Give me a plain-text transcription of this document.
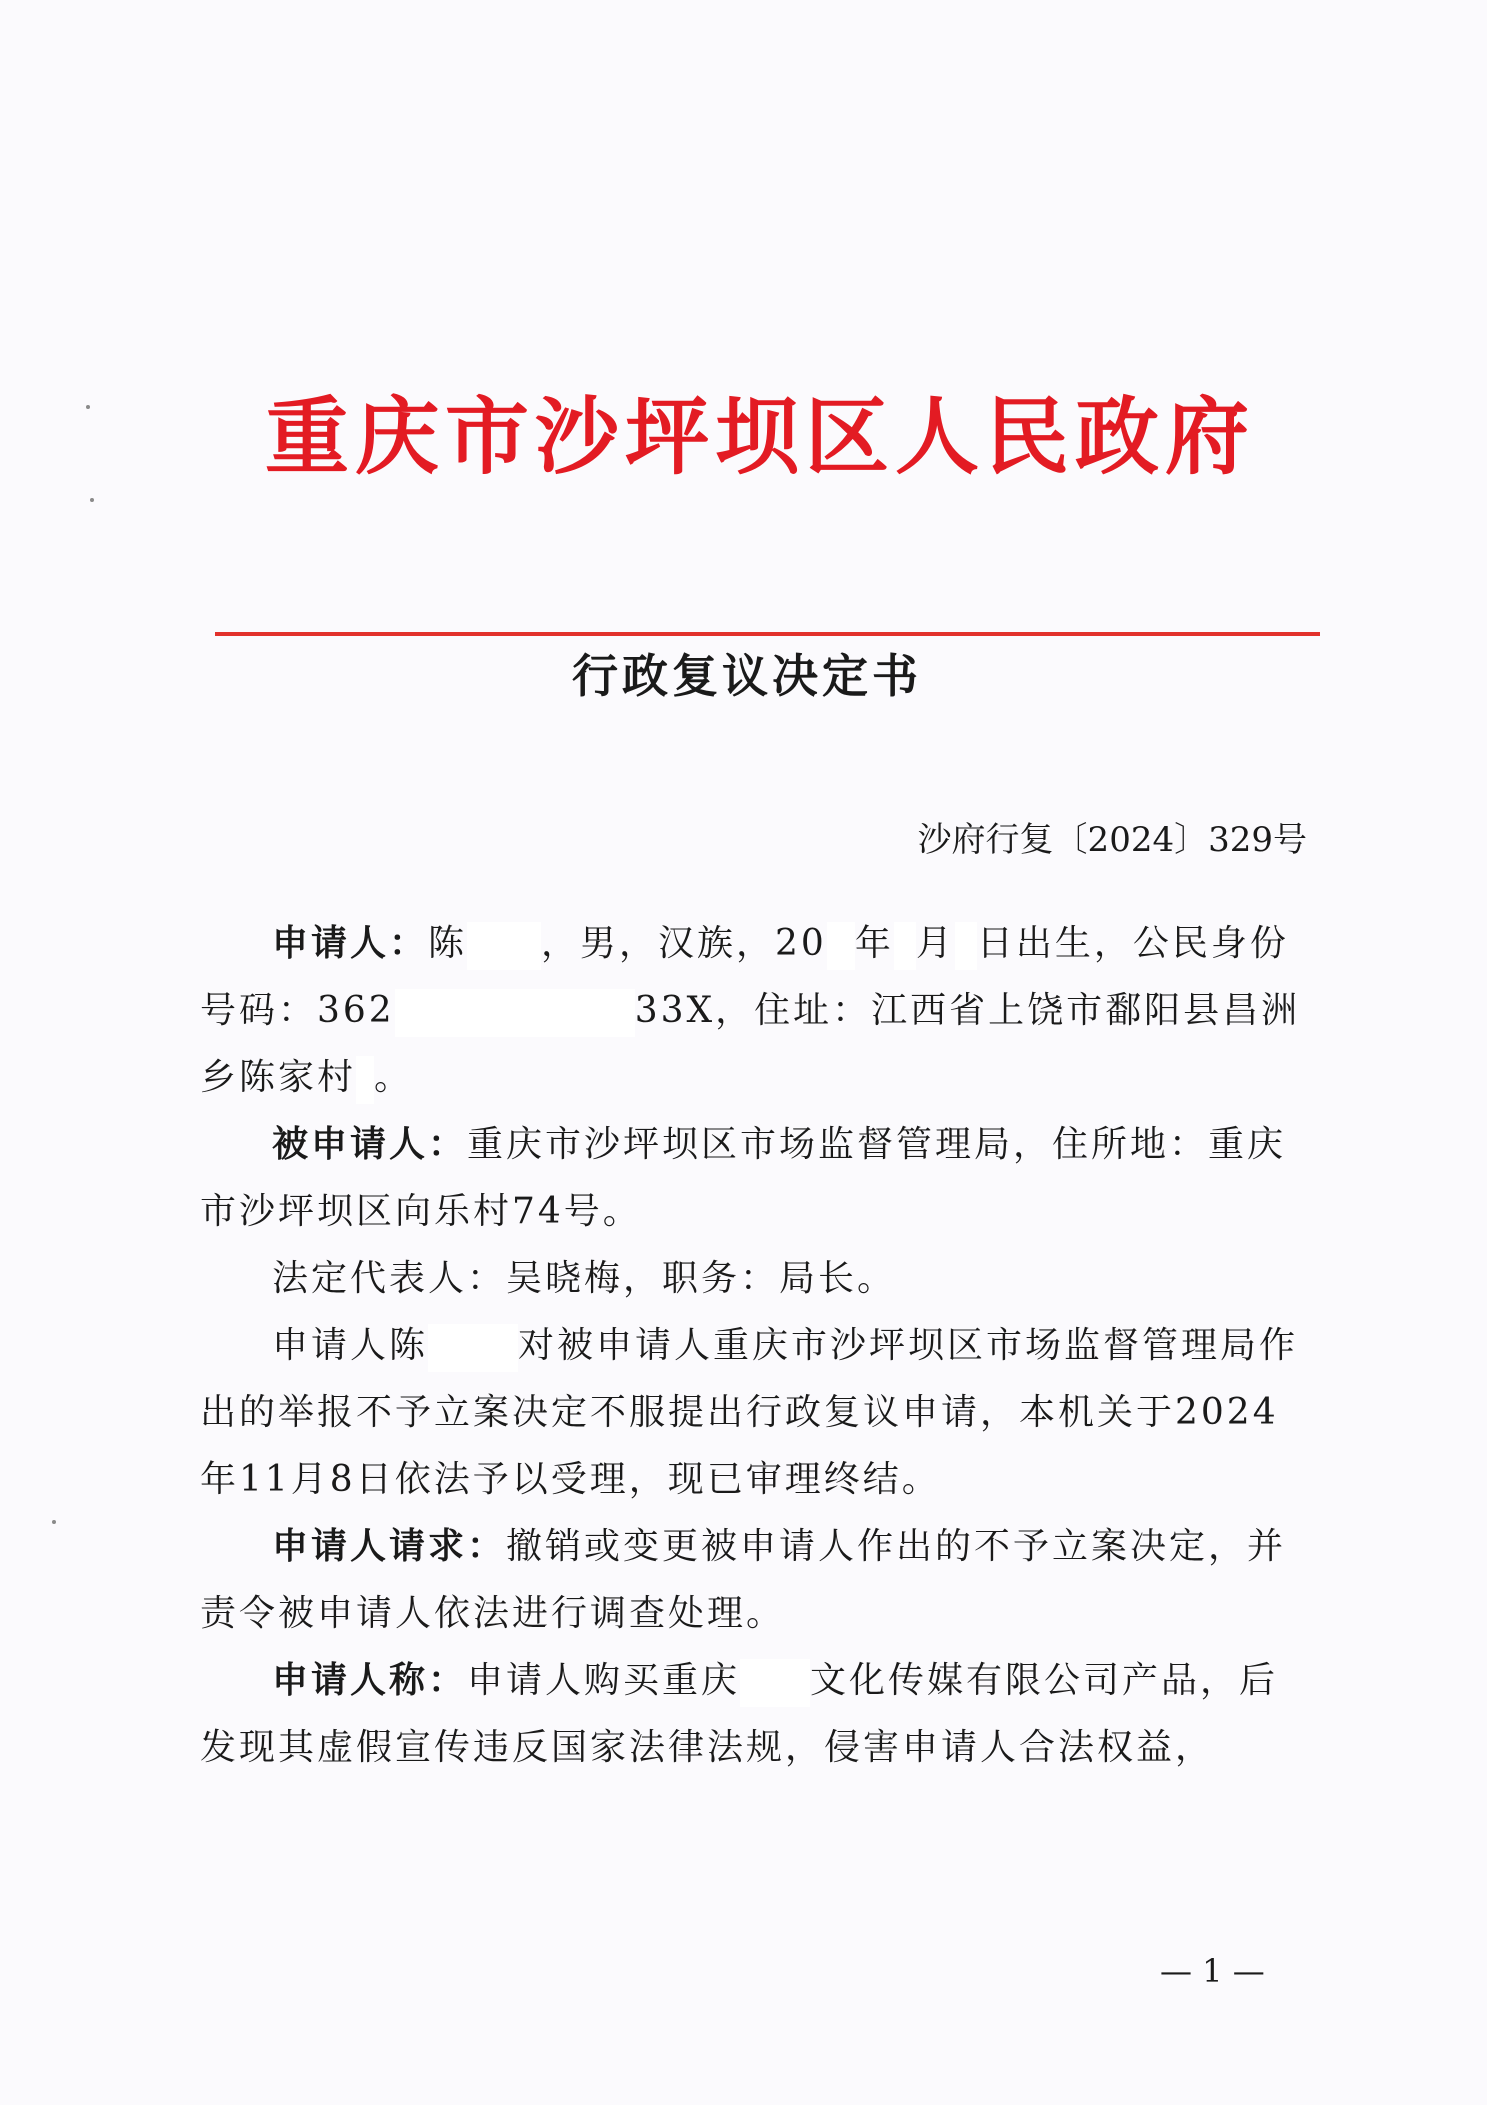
重庆市沙坪坝区人民政府
行政复议决定书
沙府行复〔2024〕329号

申请人：陈 ，男，汉族，20 年 月 日出生，公民身份号码：362	33X，住址：江西省上饶市鄱阳县昌洲乡陈家村 。

被申请人：重庆市沙坪坝区市场监督管理局，住所地：重庆市沙坪坝区向乐村74号。

法定代表人：吴晓梅，职务：局长。

申请人陈	对被申请人重庆市沙坪坝区市场监督管理局作出的举报不予立案决定不服提出行政复议申请，本机关于2024年11月8日依法予以受理，现已审理终结。

申请人请求：撤销或变更被申请人作出的不予立案决定，并责令被申请人依法进行调查处理。

申请人称：申请人购买重庆 文化传媒有限公司产品，后发现其虚假宣传违反国家法律法规，侵害申请人合法权益，

— 1 —
